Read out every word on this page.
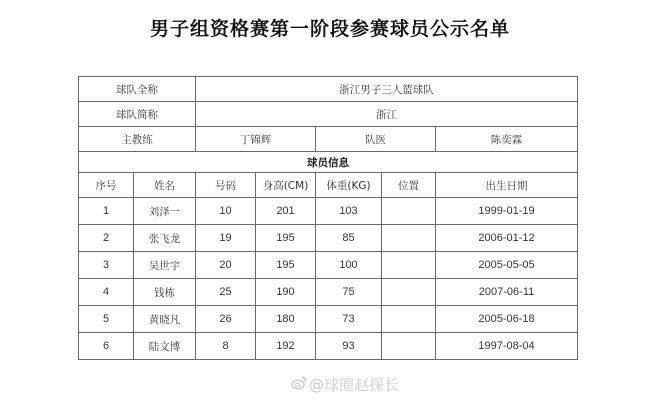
男子组资格赛第一阶段参赛球员公示名单
球队全称		浙江男子三人篮球队				
球队简称		浙江				
主教练		丁锦辉		队医		陈奕霖
球员信息						
序号	姓名	号码	身高(CM)	体重(KG)	位置	出生日期
1	刘泽一	10	201	103		1999-01-19
2	张飞龙	19	195	85		2006-01-12
3	吴世宇	20	195	100		2005-05-05
4	钱栋	25	190	75		2007-06-11
5	黄晓凡	26	180	73		2005-06-18
6	陆文博	8	192	93		1997-08-04
@球圈赵探长
